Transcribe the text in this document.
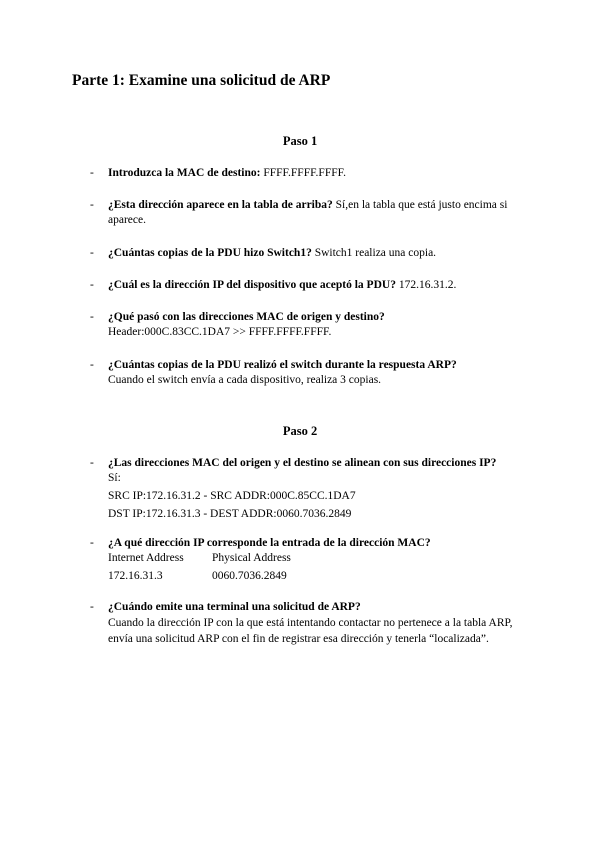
Parte 1: Examine una solicitud de ARP
Paso 1
- Introduzca la MAC de destino: FFFF.FFFF.FFFF.
- ¿Esta dirección aparece en la tabla de arriba? Sí,en la tabla que está justo encima si aparece.
- ¿Cuántas copias de la PDU hizo Switch1? Switch1 realiza una copia.
- ¿Cuál es la dirección IP del dispositivo que aceptó la PDU? 172.16.31.2.
- ¿Qué pasó con las direcciones MAC de origen y destino?
Header:000C.83CC.1DA7 >> FFFF.FFFF.FFFF.
- ¿Cuántas copias de la PDU realizó el switch durante la respuesta ARP?
Cuando el switch envía a cada dispositivo, realiza 3 copias.
Paso 2
- ¿Las direcciones MAC del origen y el destino se alinean con sus direcciones IP?
Sí:
SRC IP:172.16.31.2 - SRC ADDR:000C.85CC.1DA7
DST IP:172.16.31.3 - DEST ADDR:0060.7036.2849
- ¿A qué dirección IP corresponde la entrada de la dirección MAC?
Internet Address	Physical Address
172.16.31.3	0060.7036.2849
- ¿Cuándo emite una terminal una solicitud de ARP?
Cuando la dirección IP con la que está intentando contactar no pertenece a la tabla ARP, envía una solicitud ARP con el fin de registrar esa dirección y tenerla “localizada”.
